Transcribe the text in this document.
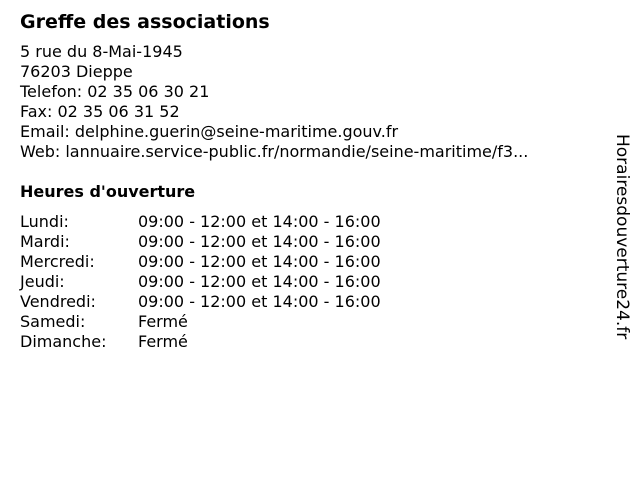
Greffe des associations
5 rue du 8-Mai-1945
76203 Dieppe
Telefon: 02 35 06 30 21
Fax: 02 35 06 31 52
Email: delphine.guerin@seine-maritime.gouv.fr
Web: lannuaire.service-public.fr/normandie/seine-maritime/f3...
Heures d'ouverture
Lundi:	09:00 - 12:00 et 14:00 - 16:00
Mardi:	09:00 - 12:00 et 14:00 - 16:00
Mercredi:	09:00 - 12:00 et 14:00 - 16:00
Jeudi:	09:00 - 12:00 et 14:00 - 16:00
Vendredi:	09:00 - 12:00 et 14:00 - 16:00
Samedi:	Fermé
Dimanche:	Fermé
Horairesdouverture24.fr
